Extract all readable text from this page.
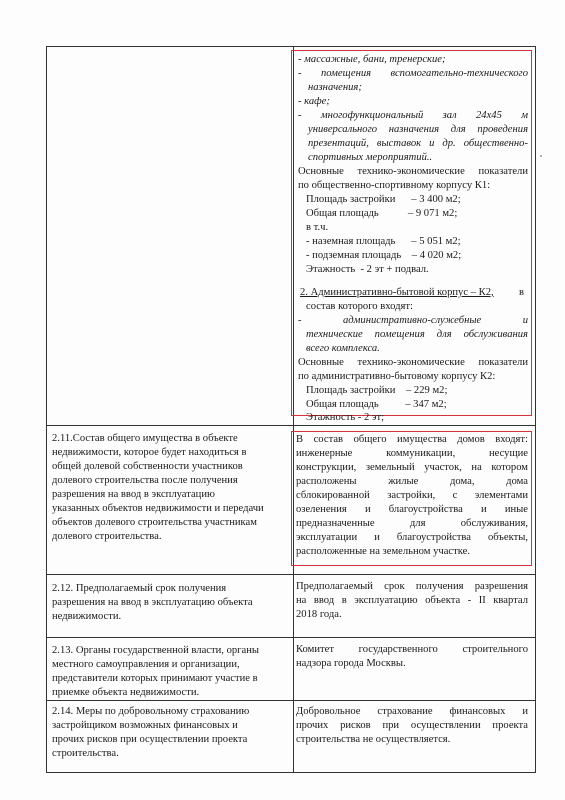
- массажные, бани, тренерские;
- помещения вспомогательно-технического
назначения;
- кафе;
- многофункциональный зал 24х45 м
универсального назначения для проведения
презентаций, выставок и др. общественно-
спортивных мероприятий..
Основные технико-экономические показатели
по общественно-спортивному корпусу К1:
Площадь застройки      – 3 400 м2;
Общая площадь           – 9 071 м2;
в т.ч.
- наземная площадь      – 5 051 м2;
- подземная площадь    – 4 020 м2;
Этажность  - 2 эт + подвал.
2. Административно-бытовой корпус – К2,	в
состав которого входят:
- административно-служебные и
технические помещения для обслуживания
всего комплекса.
Основные технико-экономические показатели
по административно-бытовому корпусу К2:
Площадь застройки    – 229 м2;
Общая площадь          – 347 м2;
Этажность - 2 эт;
2.11.Состав общего имущества в объекте
недвижимости, которое будет находиться в
общей долевой собственности участников
долевого строительства после получения
разрешения на ввод в эксплуатацию
указанных объектов недвижимости и передачи
объектов долевого строительства участникам
долевого строительства.
В состав общего имущества домов входят:
инженерные коммуникации, несущие
конструкции, земельный участок, на котором
расположены жилые дома, дома
сблокированной застройки, с элементами
озеленения и благоустройства и иные
предназначенные для обслуживания,
эксплуатации и благоустройства объекты,
расположенные на земельном участке.
2.12. Предполагаемый срок получения
разрешения на ввод в эксплуатацию объекта
недвижимости.
Предполагаемый срок получения разрешения
на ввод в эксплуатацию объекта - II квартал
2018 года.
2.13. Органы государственной власти, органы
местного самоуправления и организации,
представители которых принимают участие в
приемке объекта недвижимости.
Комитет государственного строительного
надзора города Москвы.
2.14. Меры по добровольному страхованию
застройщиком возможных финансовых и
прочих рисков при осуществлении проекта
строительства.
Добровольное страхование финансовых и
прочих рисков при осуществлении проекта
строительства не осуществляется.
